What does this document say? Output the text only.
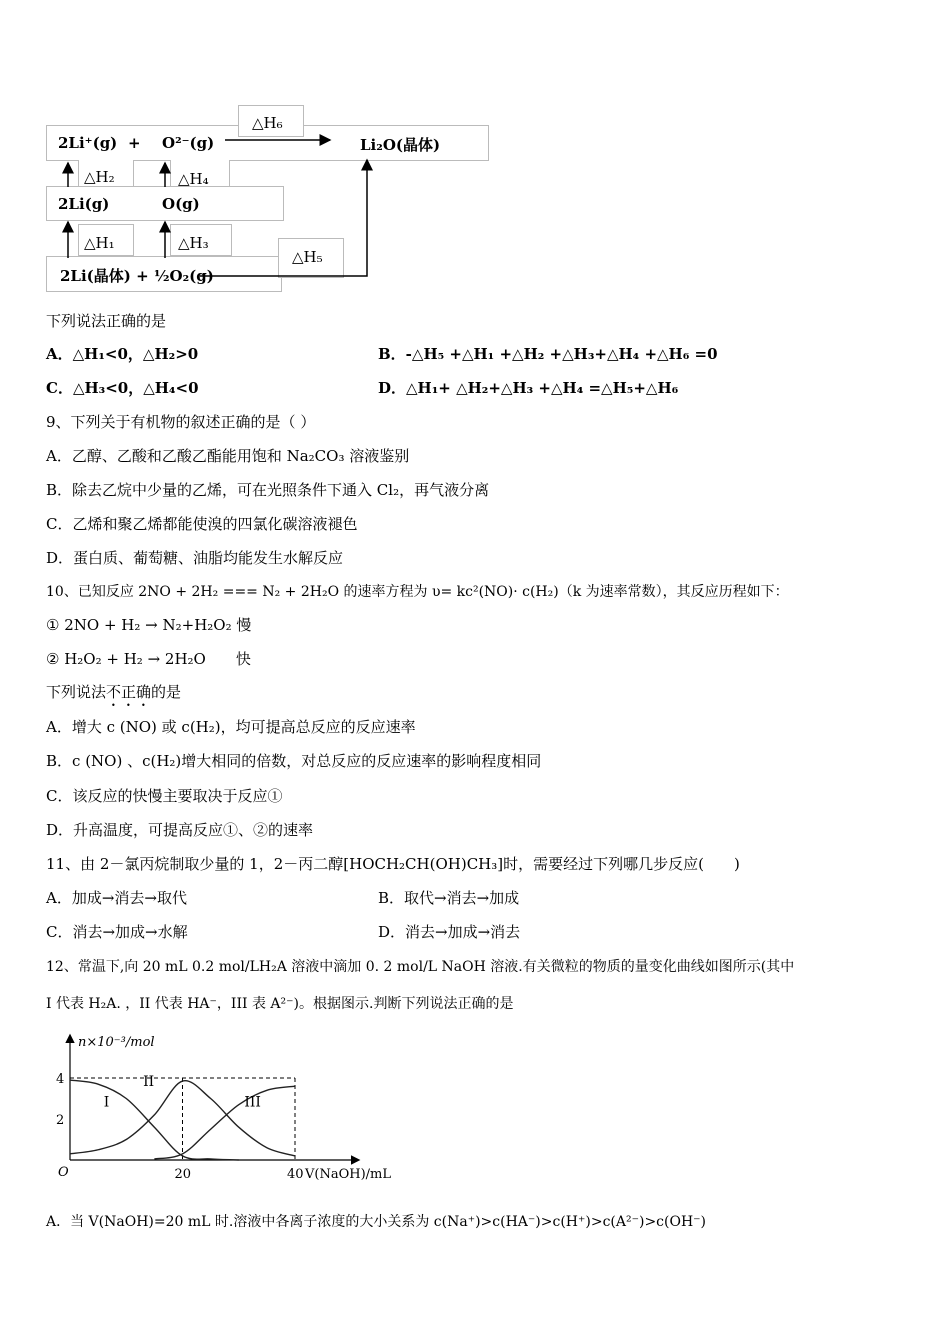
2Li⁺(g) + O²⁻(g)	Li₂O(晶体)
2Li(g)	O(g)
2Li(晶体) + ½O₂(g)
△H₆
△H₂	△H₄
△H₁	△H₃
△H₅
下列说法正确的是
A．△H₁<0，△H₂>0	B．-△H₅ +△H₁ +△H₂ +△H₃+△H₄ +△H₆ =0
C．△H₃<0，△H₄<0	D．△H₁+ △H₂+△H₃ +△H₄ =△H₅+△H₆
9、下列关于有机物的叙述正确的是（ ）
A．乙醇、乙酸和乙酸乙酯能用饱和 Na₂CO₃ 溶液鉴别
B．除去乙烷中少量的乙烯，可在光照条件下通入 Cl₂，再气液分离
C．乙烯和聚乙烯都能使溴的四氯化碳溶液褪色
D．蛋白质、葡萄糖、油脂均能发生水解反应
10、已知反应 2NO + 2H₂ === N₂ + 2H₂O 的速率方程为 υ= kc²(NO)· c(H₂)（k 为速率常数），其反应历程如下：
① 2NO + H₂ → N₂+H₂O₂ 慢
② H₂O₂ + H₂ → 2H₂O　　快
下列说法不正确的是
A．增大 c (NO) 或 c(H₂)，均可提高总反应的反应速率
B．c (NO) 、c(H₂)增大相同的倍数，对总反应的反应速率的影响程度相同
C．该反应的快慢主要取决于反应①
D．升高温度，可提高反应①、②的速率
11、由 2－氯丙烷制取少量的 1，2－丙二醇[HOCH₂CH(OH)CH₃]时，需要经过下列哪几步反应(　　)
A．加成→消去→取代	B．取代→消去→加成
C．消去→加成→水解	D．消去→加成→消去
12、常温下,向 20 mL 0.2 mol/LH₂A 溶液中滴加 0. 2 mol/L NaOH 溶液.有关微粒的物质的量变化曲线如图所示(其中
I 代表 H₂A. ，II 代表 HA⁻，III 表 A²⁻)。根据图示.判断下列说法正确的是
20	40
4
2
I
II
III
n×10⁻³/mol
V(NaOH)/mL
O
A．当 V(NaOH)=20 mL 时.溶液中各离子浓度的大小关系为 c(Na⁺)>c(HA⁻)>c(H⁺)>c(A²⁻)>c(OH⁻)
